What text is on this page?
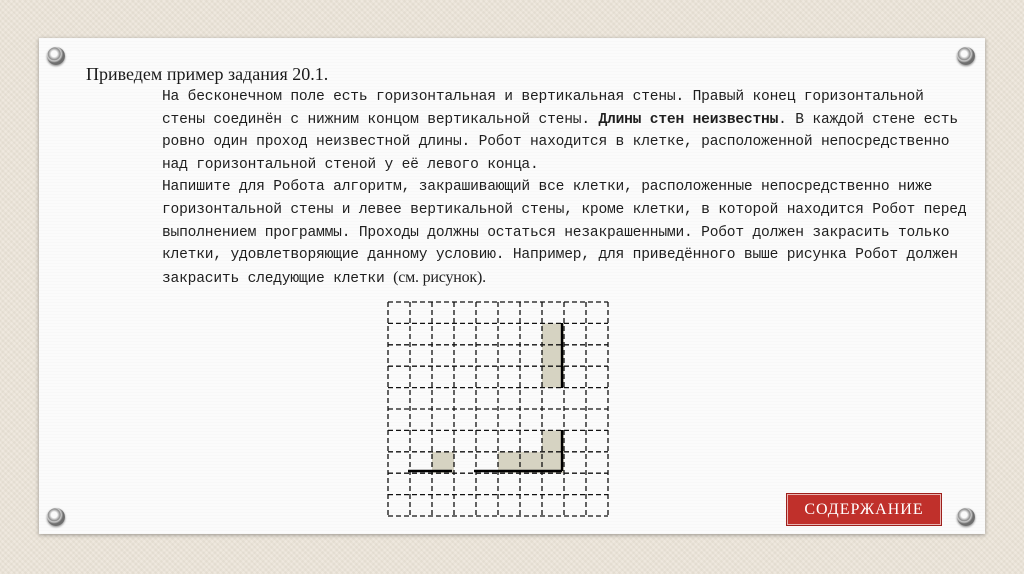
Приведем пример задания 20.1.

На бесконечном поле есть горизонтальная и вертикальная стены. Правый конец горизонтальной стены соединён с нижним концом вертикальной стены. Длины стен неизвестны. В каждой стене есть ровно один проход неизвестной длины. Робот находится в клетке, расположенной непосредственно над горизонтальной стеной у её левого конца.

Напишите для Робота алгоритм, закрашивающий все клетки, расположенные непосредственно ниже горизонтальной стены и левее вертикальной стены, кроме клетки, в которой находится Робот перед выполнением программы. Проходы должны остаться незакрашенными. Робот должен закрасить только клетки, удовлетворяющие данному условию. Например, для приведённого выше рисунка Робот должен закрасить следующие клетки (см. рисунок).

СОДЕРЖАНИЕ
